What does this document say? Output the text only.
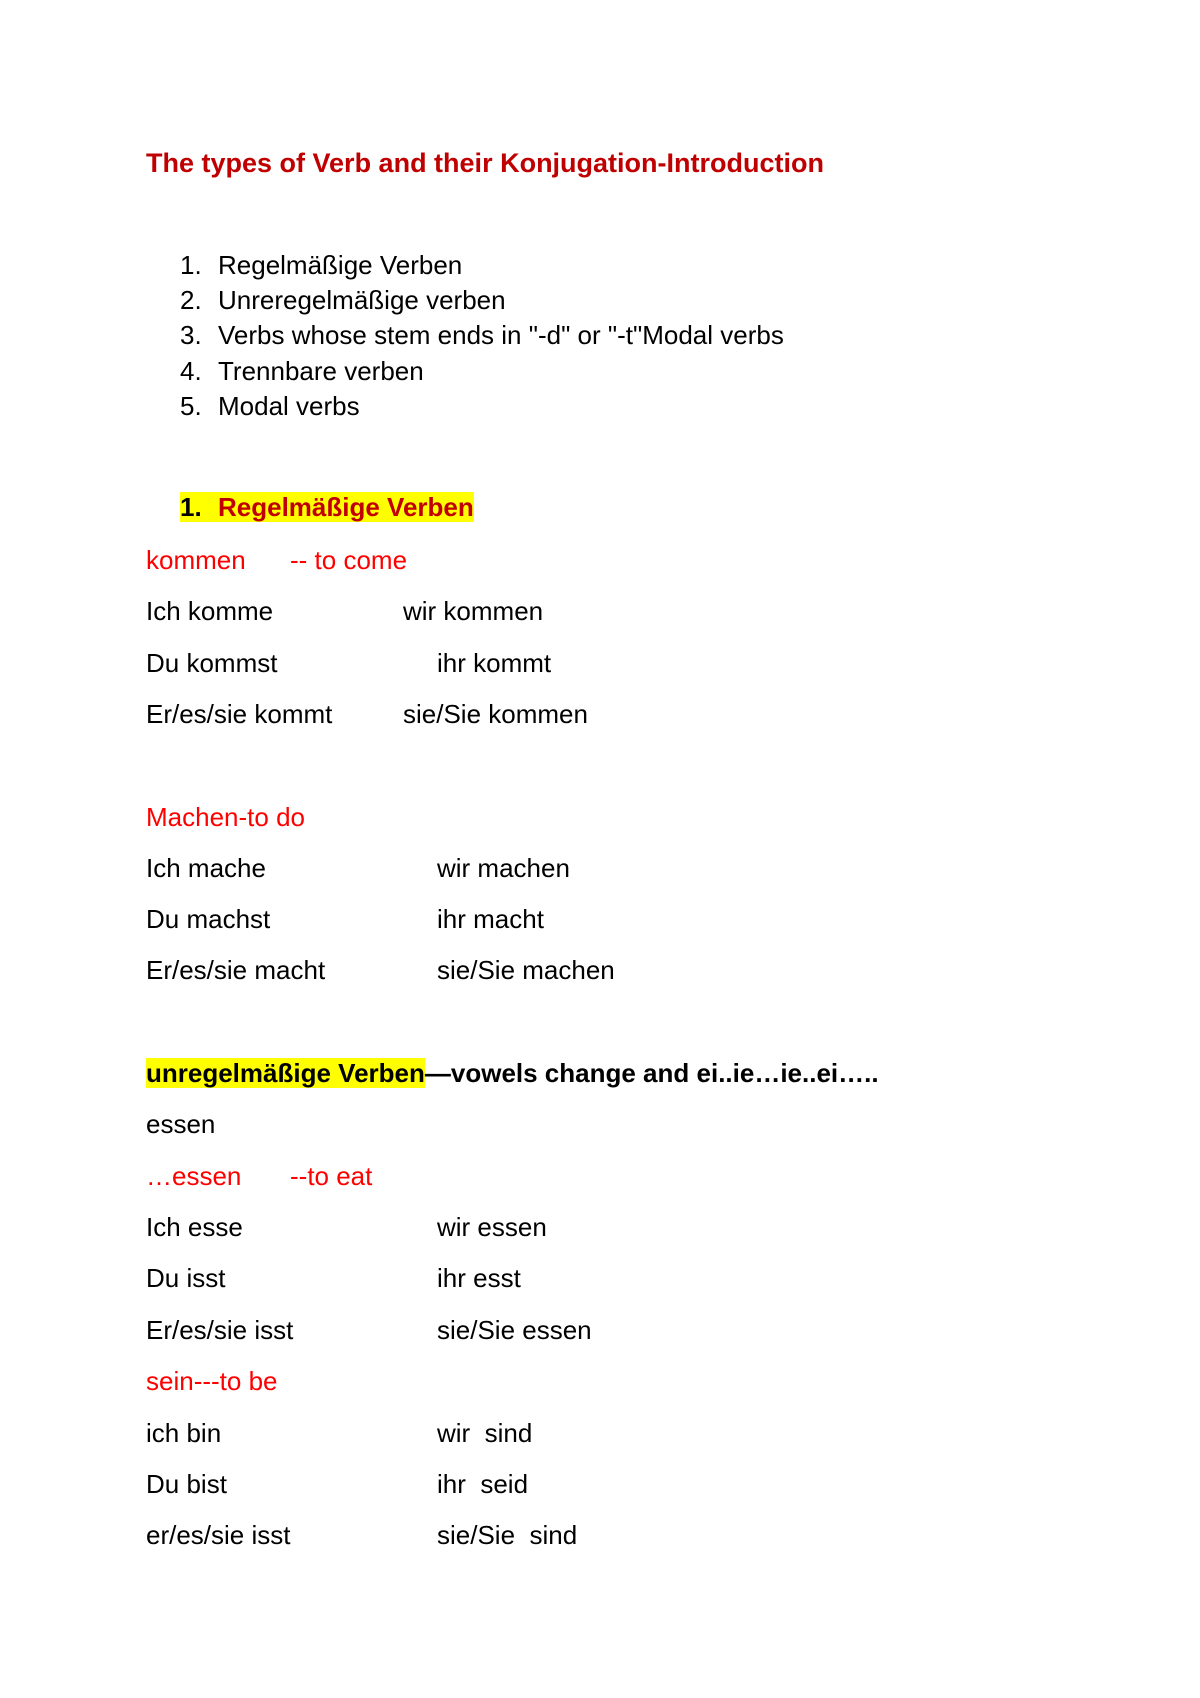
The types of Verb and their Konjugation-Introduction
1. Regelmäßige Verben
2. Unreregelmäßige verben
3. Verbs whose stem ends in "-d" or "-t"Modal verbs
4. Trennbare verben
5. Modal verbs
1. Regelmäßige Verben
kommen -- to come
Ich komme	wir kommen
Du kommst	ihr kommt
Er/es/sie kommt	sie/Sie kommen
Machen-to do
Ich mache	wir machen
Du machst	ihr macht
Er/es/sie macht	sie/Sie machen
unregelmäßige Verben—vowels change and ei..ie…ie..ei…..
essen
…essen --to eat
Ich esse	wir essen
Du isst	ihr esst
Er/es/sie isst	sie/Sie essen
sein---to be
ich bin	wir  sind
Du bist	ihr  seid
er/es/sie isst	sie/Sie  sind
